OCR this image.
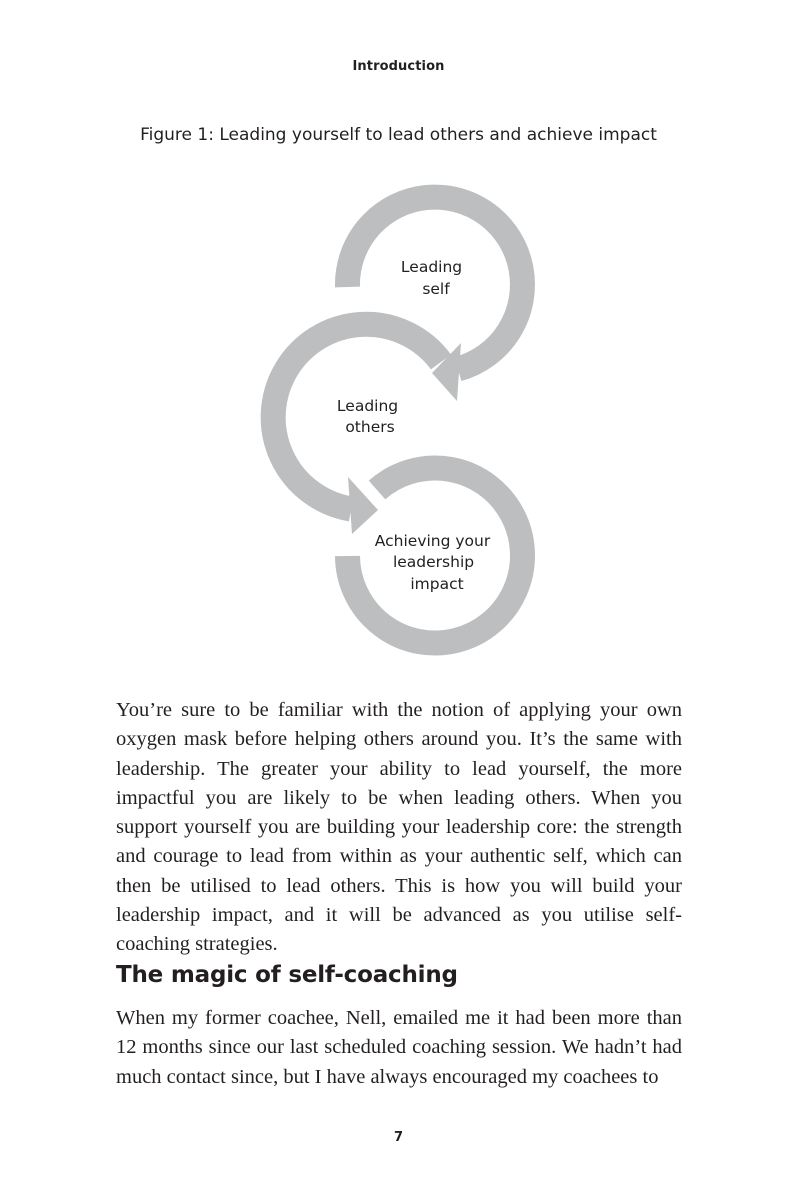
Introduction
Figure 1: Leading yourself to lead others and achieve impact
Leading self
Leading others
Achieving your leadership impact

You’re sure to be familiar with the notion of applying your own oxygen mask before helping others around you. It’s the same with leadership. The greater your ability to lead yourself, the more impactful you are likely to be when leading others. When you support yourself you are building your leadership core: the strength and courage to lead from within as your authentic self, which can then be utilised to lead others. This is how you will build your leadership impact, and it will be advanced as you utilise self-coaching strategies.

The magic of self-coaching

When my former coachee, Nell, emailed me it had been more than 12 months since our last scheduled coaching session. We hadn’t had much contact since, but I have always encouraged my coachees to

7
